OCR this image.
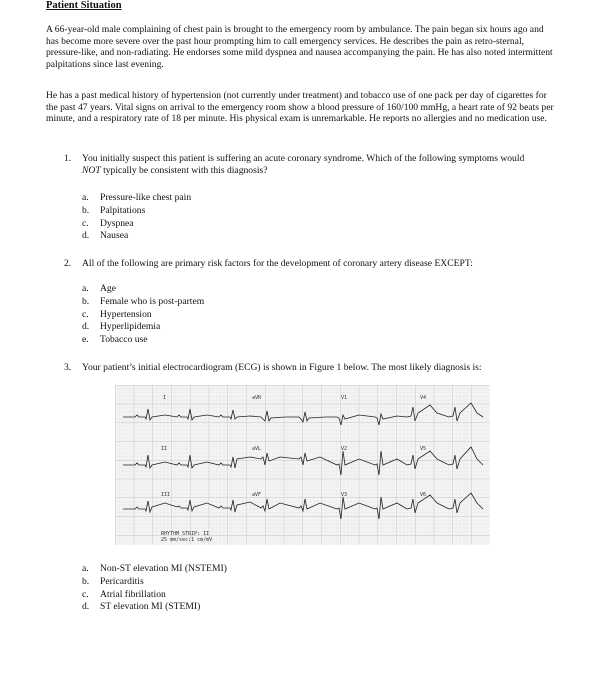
Patient Situation
A 66-year-old male complaining of chest pain is brought to the emergency room by ambulance. The pain began six hours ago and has become more severe over the past hour prompting him to call emergency services. He describes the pain as retro-sternal, pressure-like, and non-radiating. He endorses some mild dyspnea and nausea accompanying the pain. He has also noted intermittent palpitations since last evening.
He has a past medical history of hypertension (not currently under treatment) and tobacco use of one pack per day of cigarettes for the past 47 years. Vital signs on arrival to the emergency room show a blood pressure of 160/100 mmHg, a heart rate of 92 beats per minute, and a respiratory rate of 18 per minute. His physical exam is unremarkable. He reports no allergies and no medication use.
1. You initially suspect this patient is suffering an acute coronary syndrome. Which of the following symptoms would NOT typically be consistent with this diagnosis?
a.	Pressure-like chest pain
b.	Palpitations
c.	Dyspnea
d.	Nausea
2. All of the following are primary risk factors for the development of coronary artery disease EXCEPT:
a.	Age
b.	Female who is post-partem
c.	Hypertension
d.	Hyperlipidemia
e.	Tobacco use
3. Your patient’s initial electrocardiogram (ECG) is shown in Figure 1 below. The most likely diagnosis is:
I	aVR	V1	V4
II	aVL	V2	V5
III	aVF	V3	V6
RHYTHM STRIP: II
25 mm/sec;1 cm/mV
a.	Non-ST elevation MI (NSTEMI)
b.	Pericarditis
c.	Atrial fibrillation
d.	ST elevation MI (STEMI)
